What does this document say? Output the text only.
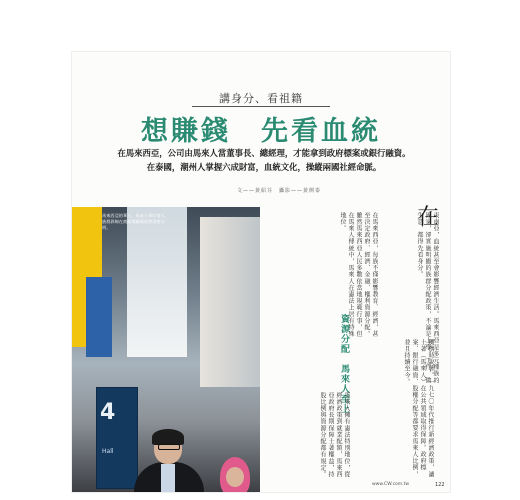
講身分、看祖籍
想賺錢　先看血統
在馬來西亞，公司由馬來人當董事長、總經理，才能拿到政府標案或銀行融資。
在泰國，潮州人掌握六成財富，血統文化，操縱兩國社經命脈。
文——黃紹芬　攝影——黃開泰
4
Hall
馬來西亞的華人、馬來人和印度人，族群界線在商業與職場依然清楚分明。	在
東南亞，血統甚至會影響經濟生活。馬來西亞是多元種族的國家，卻實施明顯的族群分配政策，不論是上學、工作，做生意，都得先看身分。
在馬來西亞，每族不僅影響教育、經濟，甚至決定政府、經濟、金融、權利資源分配。雖然馬來西亞人民多數依當地規範行事，但在馬來人傳統中，馬來人在憲法上居有特殊地位。
資源分配　馬來人至上	機構時說著。一九七〇年代推行新經濟政策，讓土著（馬來人）在公共領域取得保障。政府標案、銀行融資、股權分配等都要求馬來人比例，並且持續至今。
馬來人擁有憲法特別地位，從經濟政策到就業配額，馬來西亞政府長期保障土著權益，持股比例與資源分配都有規定。
www.CW.com.tw	122
